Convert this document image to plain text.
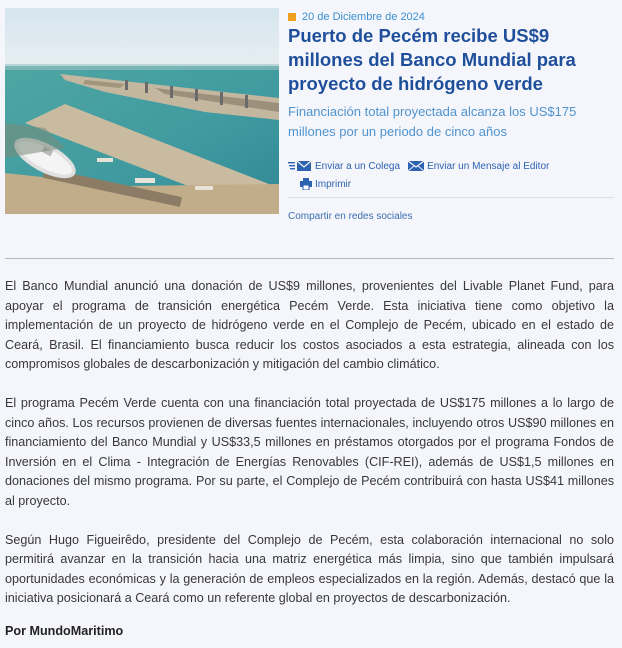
20 de Diciembre de 2024
Puerto de Pecém recibe US$9 millones del Banco Mundial para proyecto de hidrógeno verde
Financiación total proyectada alcanza los US$175 millones por un periodo de cinco años
Enviar a un Colega	Enviar un Mensaje al Editor
Imprimir
Compartir en redes sociales

El Banco Mundial anunció una donación de US$9 millones, provenientes del Livable Planet Fund, para apoyar el programa de transición energética Pecém Verde. Esta iniciativa tiene como objetivo la implementación de un proyecto de hidrógeno verde en el Complejo de Pecém, ubicado en el estado de Ceará, Brasil. El financiamiento busca reducir los costos asociados a esta estrategia, alineada con los compromisos globales de descarbonización y mitigación del cambio climático.

El programa Pecém Verde cuenta con una financiación total proyectada de US$175 millones a lo largo de cinco años. Los recursos provienen de diversas fuentes internacionales, incluyendo otros US$90 millones en financiamiento del Banco Mundial y US$33,5 millones en préstamos otorgados por el programa Fondos de Inversión en el Clima - Integración de Energías Renovables (CIF-REI), además de US$1,5 millones en donaciones del mismo programa. Por su parte, el Complejo de Pecém contribuirá con hasta US$41 millones al proyecto.

Según Hugo Figueirêdo, presidente del Complejo de Pecém, esta colaboración internacional no solo permitirá avanzar en la transición hacia una matriz energética más limpia, sino que también impulsará oportunidades económicas y la generación de empleos especializados en la región. Además, destacó que la iniciativa posicionará a Ceará como un referente global en proyectos de descarbonización.

Por MundoMaritimo
